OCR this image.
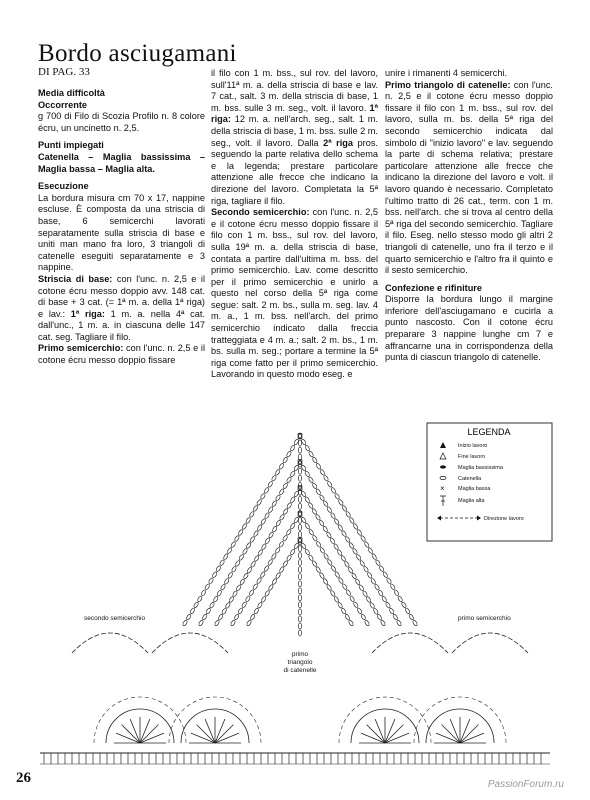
Bordo asciugamani
DI PAG. 33

Media difficoltà

Occorrente

g 700 di Filo di Scozia Profilo n. 8 colore écru, un uncinetto n. 2,5.

Punti impiegati

Catenella – Maglia bassissima – Maglia bassa – Maglia alta.

Esecuzione

La bordura misura cm 70 x 17, nappine escluse. È composta da una striscia di base, 6 semicerchi lavorati separatamente sulla striscia di base e uniti man mano fra loro, 3 triangoli di catenelle eseguiti separatamente e 3 nappine.

Striscia di base: con l'unc. n. 2,5 e il cotone écru messo doppio avv. 148 cat. di base + 3 cat. (= 1ª m. a. della 1ª riga) e lav.: 1ª riga: 1 m. a. nella 4ª cat. dall'unc., 1 m. a. in ciascuna delle 147 cat. seg. Tagliare il filo.

Primo semicerchio: con l'unc. n. 2,5 e il cotone écru messo doppio fissare

il filo con 1 m. bss., sul rov. del lavoro, sull'11ª m. a. della striscia di base e lav. 7 cat., salt. 3 m. della striscia di base, 1 m. bss. sulle 3 m. seg., volt. il lavoro. 1ª riga: 12 m. a. nell'arch. seg., salt. 1 m. della striscia di base, 1 m. bss. sulle 2 m. seg., volt. il lavoro. Dalla 2ª riga pros. seguendo la parte relativa dello schema e la legenda; prestare particolare attenzione alle frecce che indicano la direzione del lavoro. Completata la 5ª riga, tagliare il filo.

Secondo semicerchio: con l'unc. n. 2,5 e il cotone écru messo doppio fissare il filo con 1 m. bss., sul rov. del lavoro, sulla 19ª m. a. della striscia di base, contata a partire dall'ultima m. bss. del primo semicerchio. Lav. come descritto per il primo semicerchio e unirlo a questo nel corso della 5ª riga come segue: salt. 2 m. bs., sulla m. seg. lav. 4 m. a., 1 m. bss. nell'arch. del primo semicerchio indicato dalla freccia tratteggiata e 4 m. a.; salt. 2 m. bs., 1 m. bs. sulla m. seg.; portare a termine la 5ª riga come fatto per il primo semicerchio. Lavorando in questo modo eseg. e

unire i rimanenti 4 semicerchi.

Primo triangolo di catenelle: con l'unc. n. 2,5 e il cotone écru messo doppio fissare il filo con 1 m. bss., sul rov. del lavoro, sulla m. bs. della 5ª riga del secondo semicerchio indicata dal simbolo di "inizio lavoro" e lav. seguendo la parte di schema relativa; prestare particolare attenzione alle frecce che indicano la direzione del lavoro e volt. il lavoro quando è necessario. Completato l'ultimo tratto di 26 cat., term. con 1 m. bss. nell'arch. che si trova al centro della 5ª riga del secondo semicerchio. Tagliare il filo. Eseg. nello stesso modo gli altri 2 triangoli di catenelle, uno fra il terzo e il quarto semicerchio e l'altro fra il quinto e il sesto semicerchio.

Confezione e rifiniture

Disporre la bordura lungo il margine inferiore dell'asciugamano e cucirla a punto nascosto. Con il cotone écru preparare 3 nappine lunghe cm 7 e affrancarne una in corrispondenza della punta di ciascun triangolo di catenelle.

LEGENDA
Inizio lavoro
Fine lavoro
Maglia bassissima
Catenella
× Maglia bassa
Maglia alta
Direzione lavoro
secondo semicerchio	primo semicerchio
primo
triangolo
di catenelle
26	PassionForum.ru
